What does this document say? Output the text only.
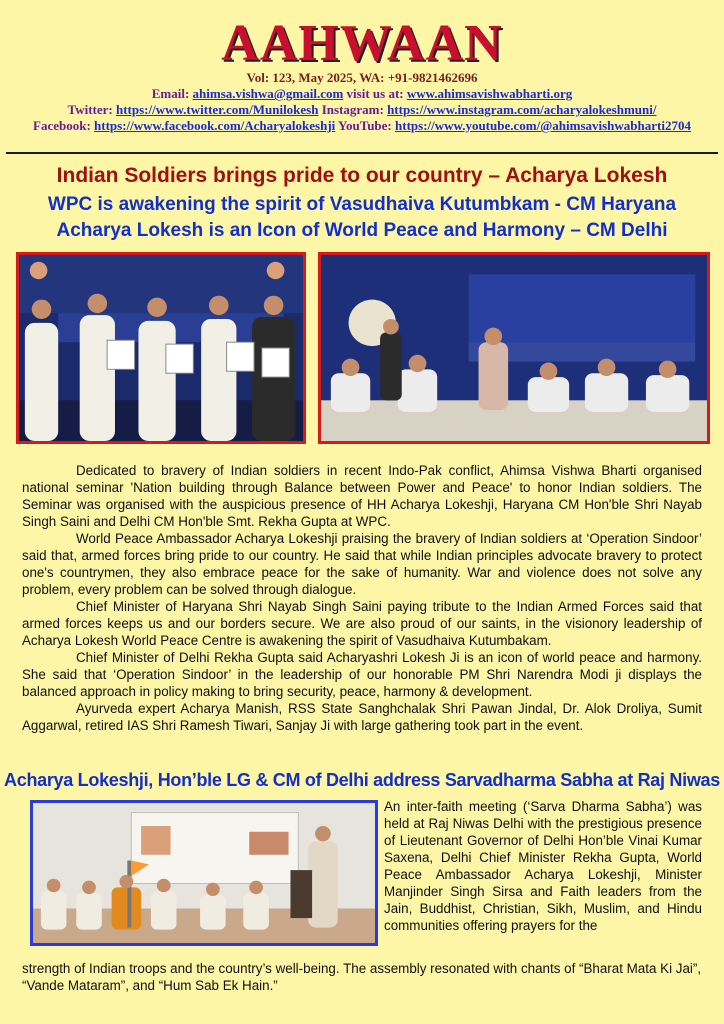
AAHWAAN
Vol: 123, May 2025, WA: +91-9821462696
Email: ahimsa.vishwa@gmail.com visit us at: www.ahimsavishwabharti.org
Twitter: https://www.twitter.com/Munilokesh Instagram: https://www.instagram.com/acharyalokeshmuni/
Facebook: https://www.facebook.com/Acharyalokeshji YouTube: https://www.youtube.com/@ahimsavishwabharti2704
Indian Soldiers brings pride to our country – Acharya Lokesh
WPC is awakening the spirit of Vasudhaiva Kutumbkam - CM Haryana
Acharya Lokesh is an Icon of World Peace and Harmony – CM Delhi

Dedicated to bravery of Indian soldiers in recent Indo-Pak conflict, Ahimsa Vishwa Bharti organised national seminar 'Nation building through Balance between Power and Peace' to honor Indian soldiers. The Seminar was organised with the auspicious presence of HH Acharya Lokeshji, Haryana CM Hon'ble Shri Nayab Singh Saini and Delhi CM Hon'ble Smt. Rekha Gupta at WPC.

World Peace Ambassador Acharya Lokeshji praising the bravery of Indian soldiers at ‘Operation Sindoor’ said that, armed forces bring pride to our country. He said that while Indian principles advocate bravery to protect one's countrymen, they also embrace peace for the sake of humanity. War and violence does not solve any problem, every problem can be solved through dialogue.

Chief Minister of Haryana Shri Nayab Singh Saini paying tribute to the Indian Armed Forces said that armed forces keeps us and our borders secure. We are also proud of our saints, in the visionory leadership of Acharya Lokesh World Peace Centre is awakening the spirit of Vasudhaiva Kutumbakam.

Chief Minister of Delhi Rekha Gupta said Acharyashri Lokesh Ji is an icon of world peace and harmony. She said that ‘Operation Sindoor’ in the leadership of our honorable PM Shri Narendra Modi ji displays the balanced approach in policy making to bring security, peace, harmony & development.

Ayurveda expert Acharya Manish, RSS State Sanghchalak Shri Pawan Jindal, Dr. Alok Droliya, Sumit Aggarwal, retired IAS Shri Ramesh Tiwari, Sanjay Ji with large gathering took part in the event.

Acharya Lokeshji, Hon’ble LG & CM of Delhi address Sarvadharma Sabha at Raj Niwas
An inter-faith meeting (‘Sarva Dharma Sabha’) was held at Raj Niwas Delhi with the prestigious presence of Lieutenant Governor of Delhi Hon’ble Vinai Kumar Saxena, Delhi Chief Minister Rekha Gupta, World Peace Ambassador Acharya Lokeshji, Minister Manjinder Singh Sirsa and Faith leaders from the Jain, Buddhist, Christian, Sikh, Muslim, and Hindu communities offering prayers for the
strength of Indian troops and the country’s well-being. The assembly resonated with chants of “Bharat Mata Ki Jai”, “Vande Mataram”, and “Hum Sab Ek Hain.”
